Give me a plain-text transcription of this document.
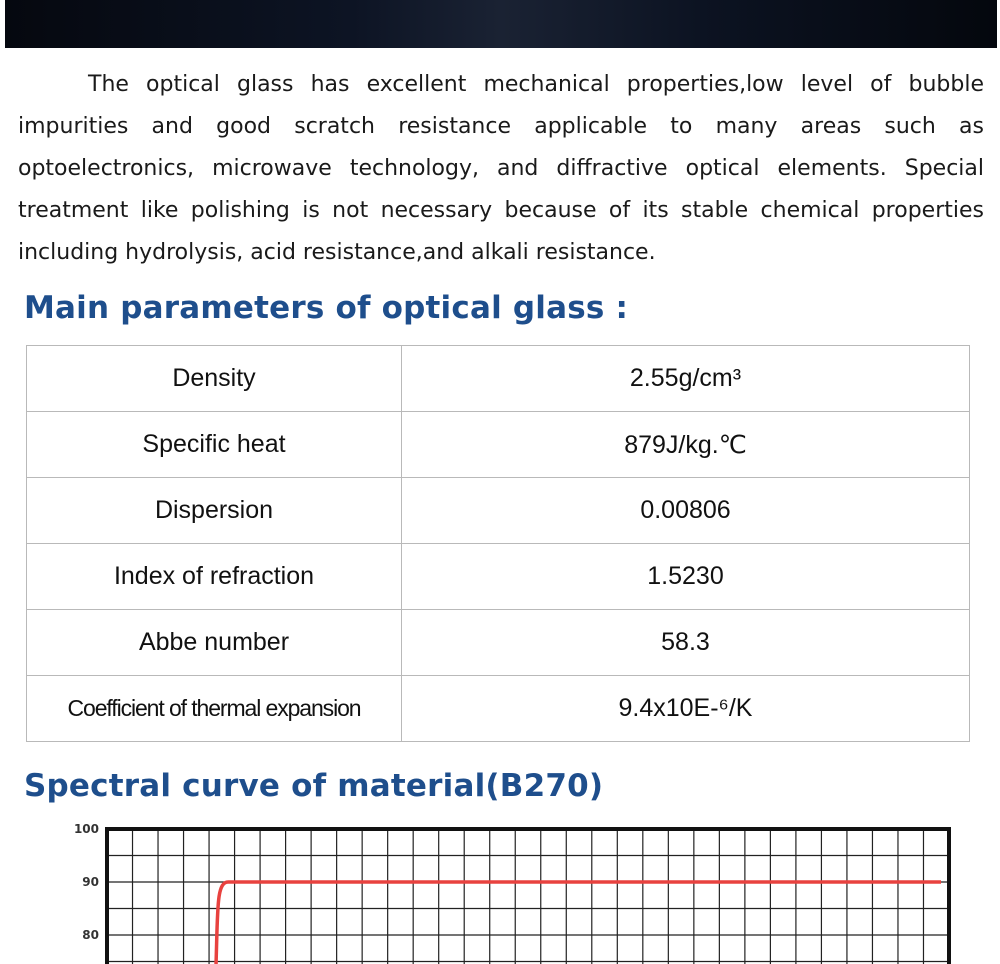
The optical glass has excellent mechanical properties,low level of bubble impurities and good scratch resistance applicable to many areas such as optoelectronics, microwave technology, and diffractive optical elements. Special treatment like polishing is not necessary because of its stable chemical properties including hydrolysis, acid resistance,and alkali resistance.

Main parameters of optical glass :
Density	2.55g/cm³
Specific heat	879J/kg.℃
Dispersion	0.00806
Index of refraction	1.5230
Abbe number	58.3
Coefficient of thermal expansion	9.4x10E-⁶/K
Spectral curve of material(B270)
100
90
80
